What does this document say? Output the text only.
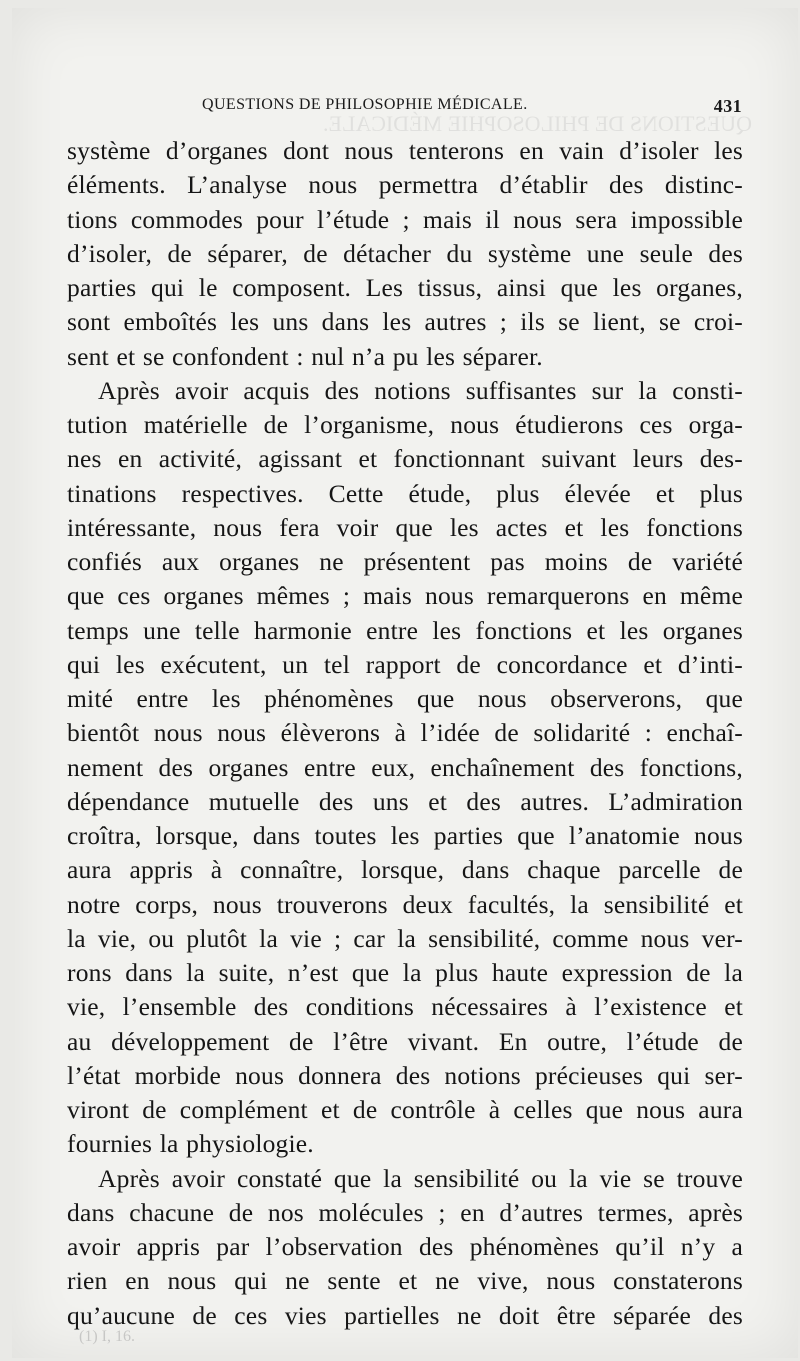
QUESTIONS DE PHILOSOPHIE MÉDICALE.
QUESTIONS DE PHILOSOPHIE MÉDICALE.	431
système d’organes dont nous tenterons en vain d’isoler les
éléments. L’analyse nous permettra d’établir des distinc-
tions commodes pour l’étude ; mais il nous sera impossible
d’isoler, de séparer, de détacher du système une seule des
parties qui le composent. Les tissus, ainsi que les organes,
sont emboîtés les uns dans les autres ; ils se lient, se croi-
sent et se confondent : nul n’a pu les séparer.
Après avoir acquis des notions suffisantes sur la consti-
tution matérielle de l’organisme, nous étudierons ces orga-
nes en activité, agissant et fonctionnant suivant leurs des-
tinations respectives. Cette étude, plus élevée et plus
intéressante, nous fera voir que les actes et les fonctions
confiés aux organes ne présentent pas moins de variété
que ces organes mêmes ; mais nous remarquerons en même
temps une telle harmonie entre les fonctions et les organes
qui les exécutent, un tel rapport de concordance et d’inti-
mité entre les phénomènes que nous observerons, que
bientôt nous nous élèverons à l’idée de solidarité : enchaî-
nement des organes entre eux, enchaînement des fonctions,
dépendance mutuelle des uns et des autres. L’admiration
croîtra, lorsque, dans toutes les parties que l’anatomie nous
aura appris à connaître, lorsque, dans chaque parcelle de
notre corps, nous trouverons deux facultés, la sensibilité et
la vie, ou plutôt la vie ; car la sensibilité, comme nous ver-
rons dans la suite, n’est que la plus haute expression de la
vie, l’ensemble des conditions nécessaires à l’existence et
au développement de l’être vivant. En outre, l’étude de
l’état morbide nous donnera des notions précieuses qui ser-
viront de complément et de contrôle à celles que nous aura
fournies la physiologie.
Après avoir constaté que la sensibilité ou la vie se trouve
dans chacune de nos molécules ; en d’autres termes, après
avoir appris par l’observation des phénomènes qu’il n’y a
rien en nous qui ne sente et ne vive, nous constaterons
qu’aucune de ces vies partielles ne doit être séparée des
(1) I, 16.
